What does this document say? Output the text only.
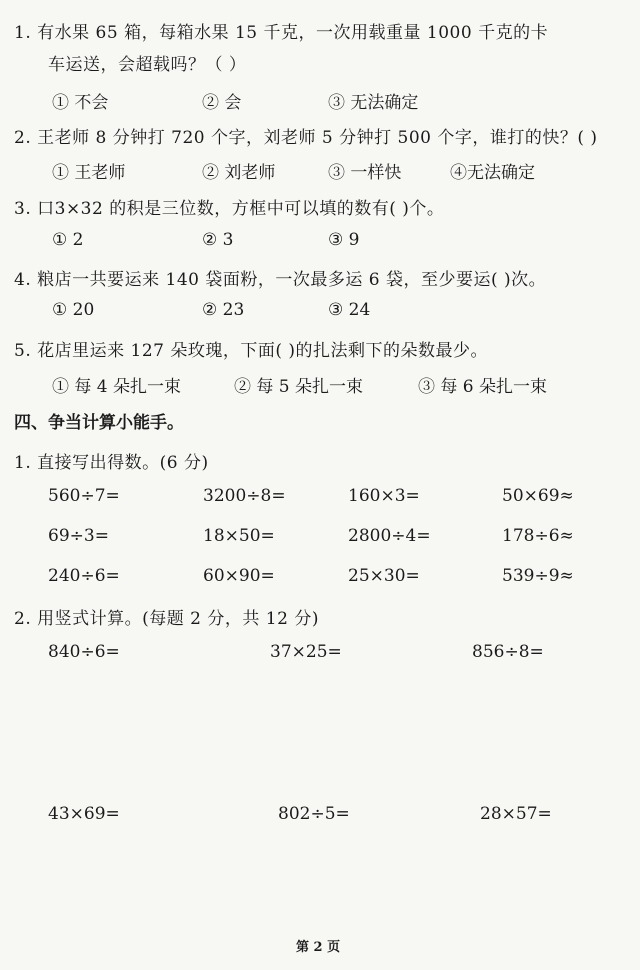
1. 有水果 65 箱，每箱水果 15 千克，一次用载重量 1000 千克的卡
车运送，会超载吗？（ ）
① 不会	② 会	③ 无法确定
2. 王老师 8 分钟打 720 个字，刘老师 5 分钟打 500 个字，谁打的快？( )
① 王老师	② 刘老师	③ 一样快	④无法确定
3. 口3×32 的积是三位数，方框中可以填的数有( )个。
① 2	② 3	③ 9
4. 粮店一共要运来 140 袋面粉，一次最多运 6 袋，至少要运( )次。
① 20	② 23	③ 24
5. 花店里运来 127 朵玫瑰，下面( )的扎法剩下的朵数最少。
① 每 4 朵扎一束	② 每 5 朵扎一束	③ 每 6 朵扎一束
四、争当计算小能手。
1. 直接写出得数。(6 分)
560÷7=	3200÷8=	160×3=	50×69≈
69÷3=	18×50=	2800÷4=	178÷6≈
240÷6=	60×90=	25×30=	539÷9≈
2. 用竖式计算。(每题 2 分，共 12 分)
840÷6=	37×25=	856÷8=
43×69=	802÷5=	28×57=
第 2 页
